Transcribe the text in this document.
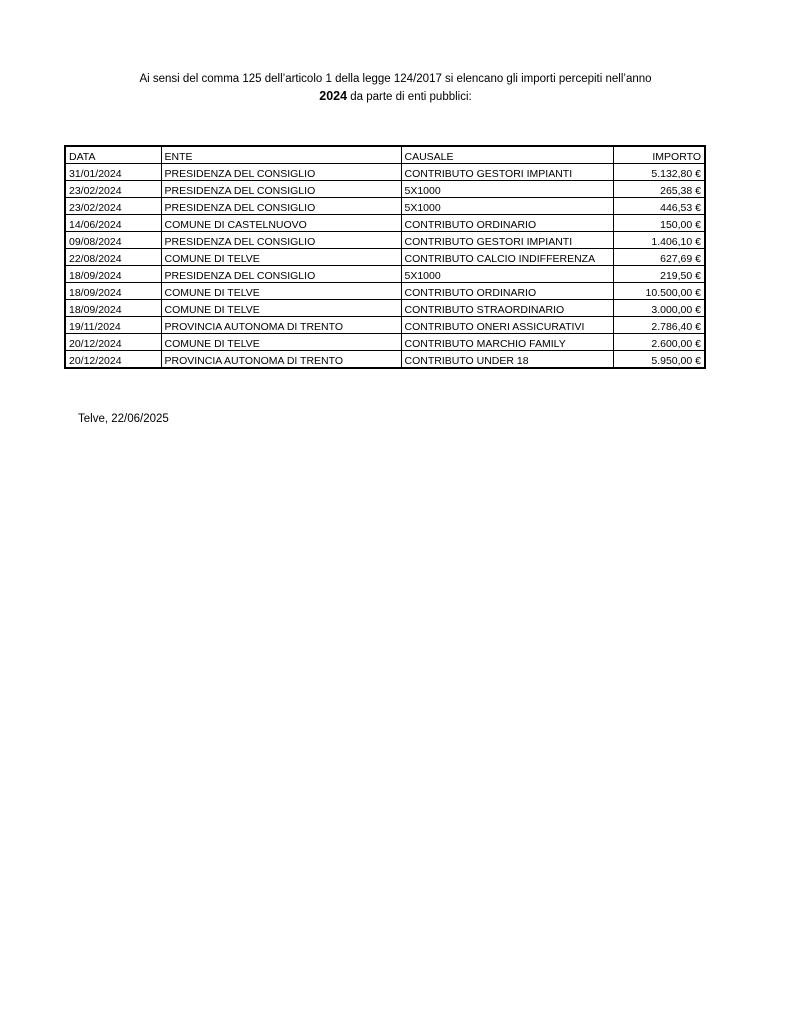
Ai sensi del comma 125 dell’articolo 1 della legge 124/2017 si elencano gli importi percepiti nell’anno
2024 da parte di enti pubblici:
DATA	ENTE	CAUSALE	IMPORTO
31/01/2024	PRESIDENZA DEL CONSIGLIO	CONTRIBUTO GESTORI IMPIANTI	5.132,80 €
23/02/2024	PRESIDENZA DEL CONSIGLIO	5X1000	265,38 €
23/02/2024	PRESIDENZA DEL CONSIGLIO	5X1000	446,53 €
14/06/2024	COMUNE DI CASTELNUOVO	CONTRIBUTO ORDINARIO	150,00 €
09/08/2024	PRESIDENZA DEL CONSIGLIO	CONTRIBUTO GESTORI IMPIANTI	1.406,10 €
22/08/2024	COMUNE DI TELVE	CONTRIBUTO CALCIO INDIFFERENZA	627,69 €
18/09/2024	PRESIDENZA DEL CONSIGLIO	5X1000	219,50 €
18/09/2024	COMUNE DI TELVE	CONTRIBUTO ORDINARIO	10.500,00 €
18/09/2024	COMUNE DI TELVE	CONTRIBUTO STRAORDINARIO	3.000,00 €
19/11/2024	PROVINCIA AUTONOMA DI TRENTO	CONTRIBUTO ONERI ASSICURATIVI	2.786,40 €
20/12/2024	COMUNE DI TELVE	CONTRIBUTO MARCHIO FAMILY	2.600,00 €
20/12/2024	PROVINCIA AUTONOMA DI TRENTO	CONTRIBUTO UNDER 18	5.950,00 €
Telve, 22/06/2025
